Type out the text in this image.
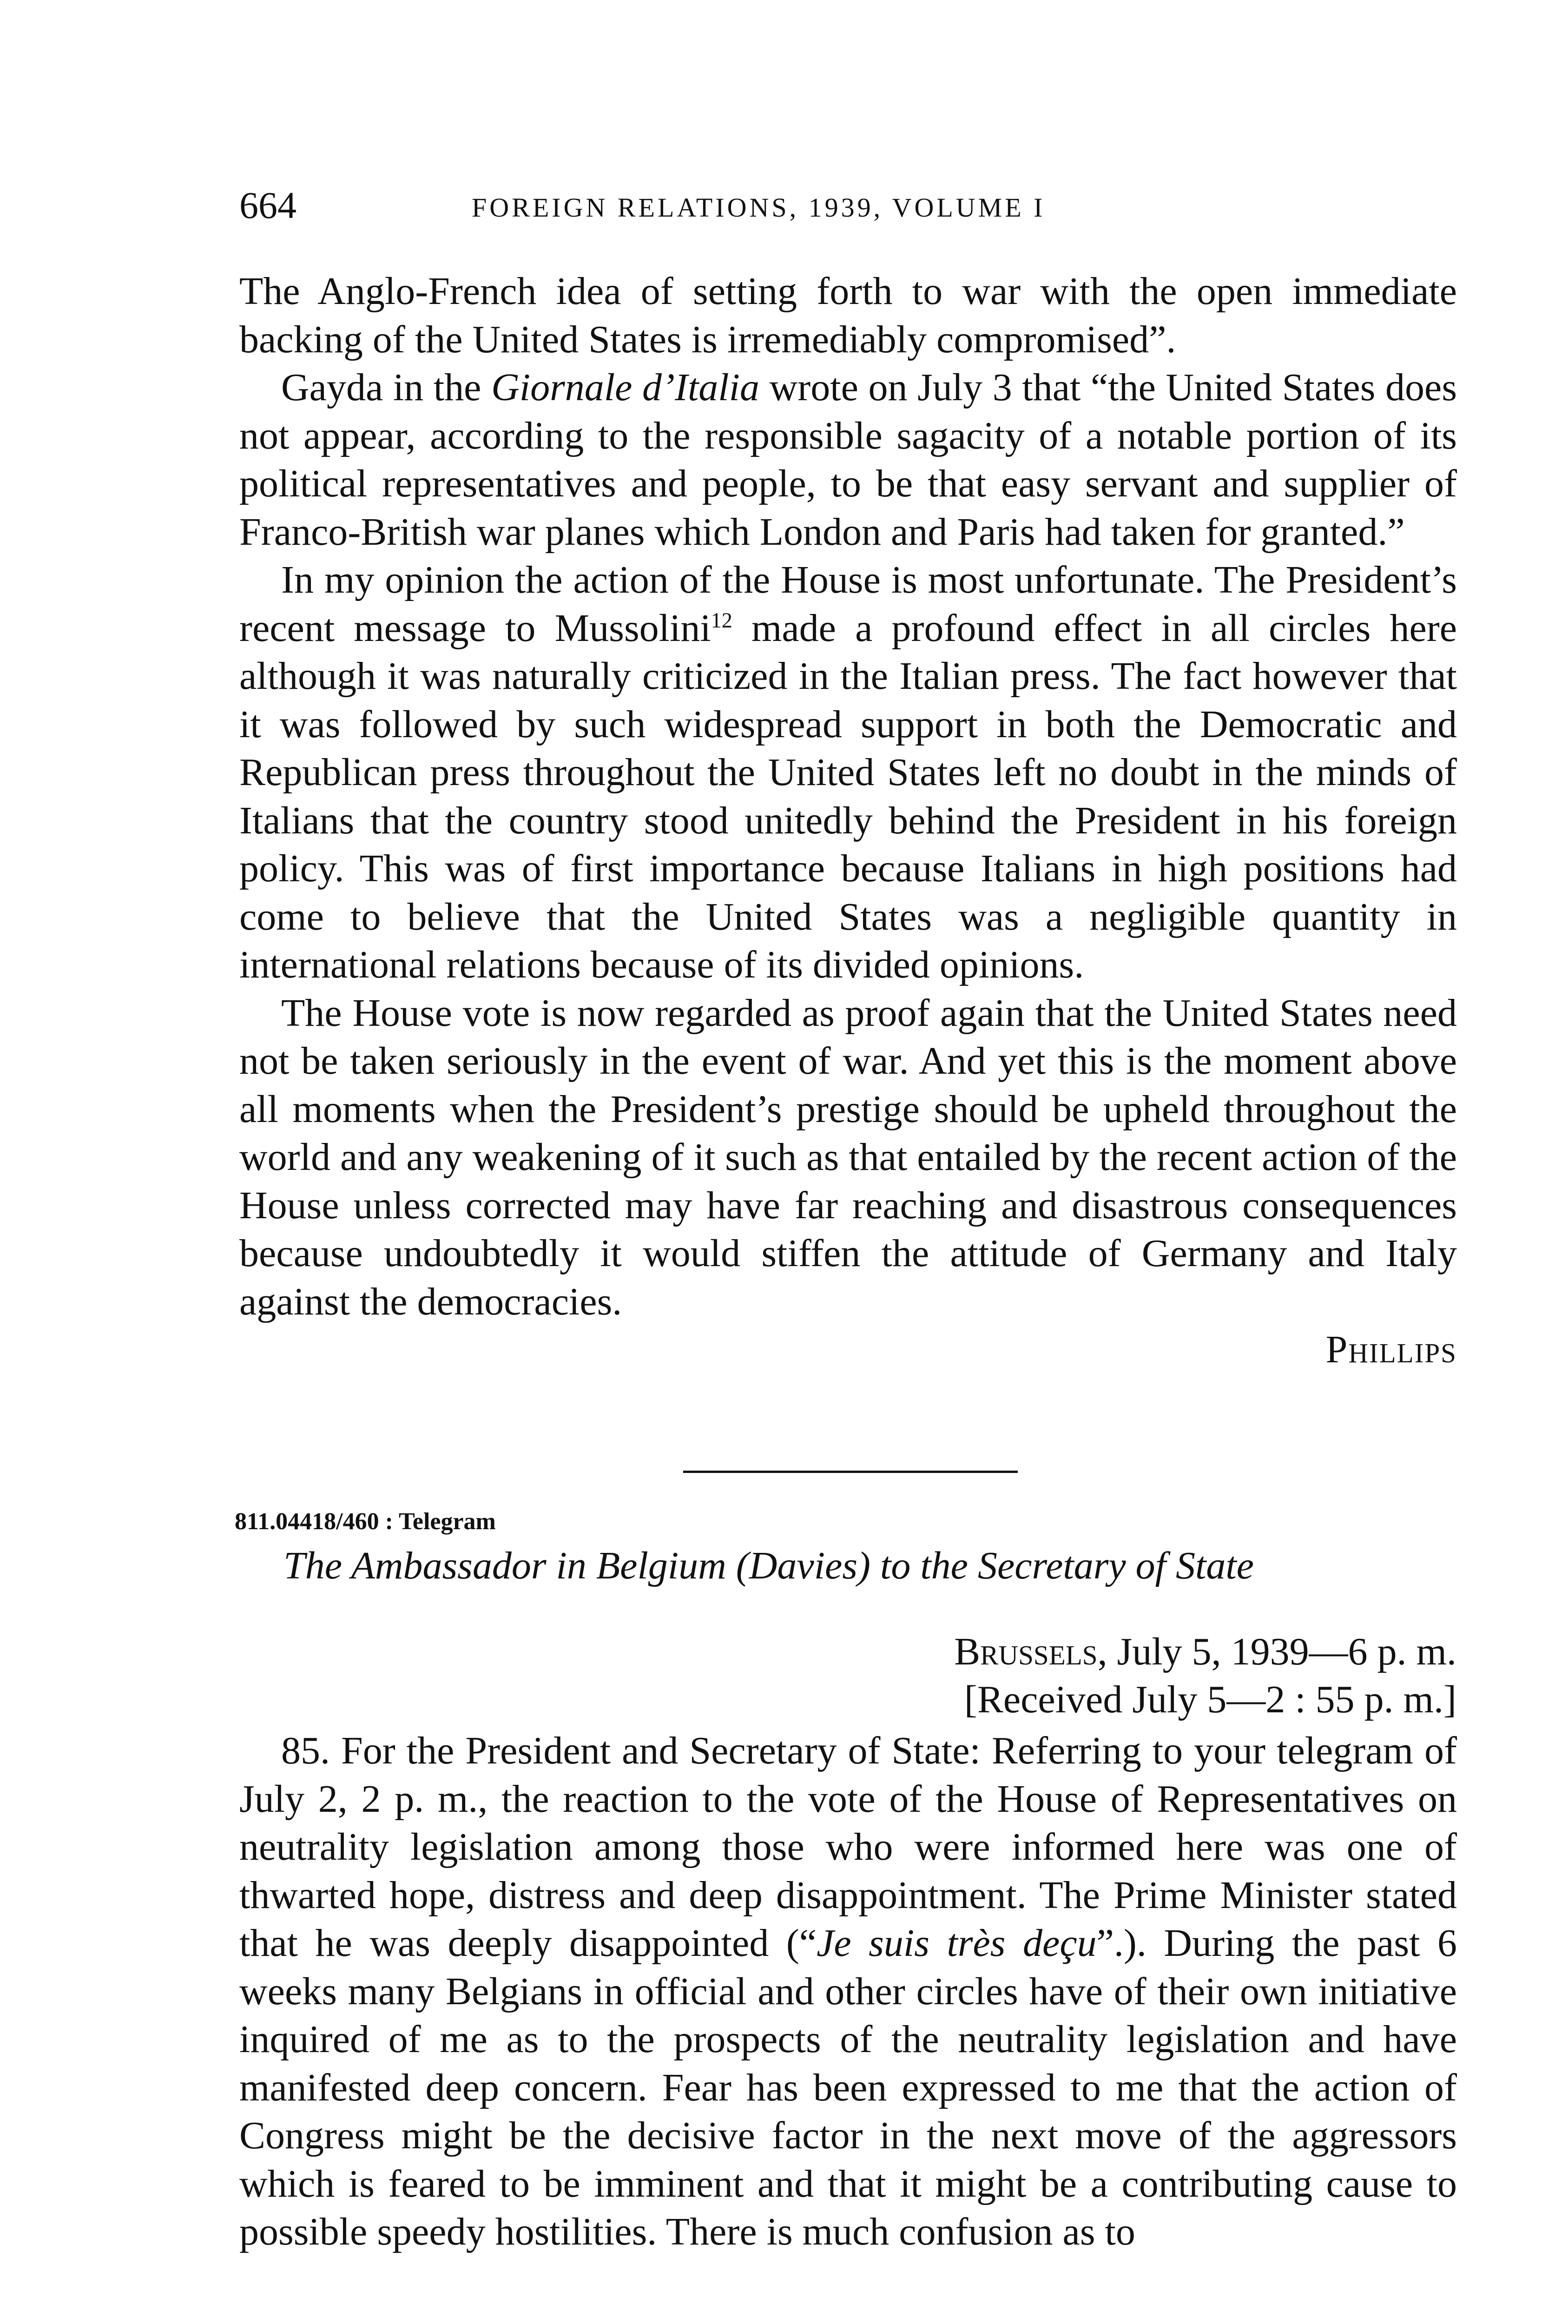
664	FOREIGN RELATIONS, 1939, VOLUME I

The Anglo-French idea of setting forth to war with the open immediate backing of the United States is irremediably compromised”.

Gayda in the Giornale d’Italia wrote on July 3 that “the United States does not appear, according to the responsible sagacity of a notable portion of its political representatives and people, to be that easy servant and supplier of Franco-British war planes which London and Paris had taken for granted.”

In my opinion the action of the House is most unfortunate. The President’s recent message to Mussolini$^{12}$ made a profound effect in all circles here although it was naturally criticized in the Italian press. The fact however that it was followed by such widespread support in both the Democratic and Republican press throughout the United States left no doubt in the minds of Italians that the country stood unitedly behind the President in his foreign policy. This was of first importance because Italians in high positions had come to believe that the United States was a negligible quantity in international relations because of its divided opinions.

The House vote is now regarded as proof again that the United States need not be taken seriously in the event of war. And yet this is the moment above all moments when the President’s prestige should be upheld throughout the world and any weakening of it such as that entailed by the recent action of the House unless corrected may have far reaching and disastrous consequences because undoubtedly it would stiffen the attitude of Germany and Italy against the democracies.

Phillips

811.04418/460 : Telegram
The Ambassador in Belgium (Davies) to the Secretary of State
Brussels, July 5, 1939—6 p. m.
[Received July 5—2 : 55 p. m.]

85. For the President and Secretary of State: Referring to your telegram of July 2, 2 p. m., the reaction to the vote of the House of Representatives on neutrality legislation among those who were informed here was one of thwarted hope, distress and deep disappointment. The Prime Minister stated that he was deeply disappointed (“Je suis très deçu”.). During the past 6 weeks many Belgians in official and other circles have of their own initiative inquired of me as to the prospects of the neutrality legislation and have manifested deep concern. Fear has been expressed to me that the action of Congress might be the decisive factor in the next move of the aggressors which is feared to be imminent and that it might be a contributing cause to possible speedy hostilities. There is much confusion as to
